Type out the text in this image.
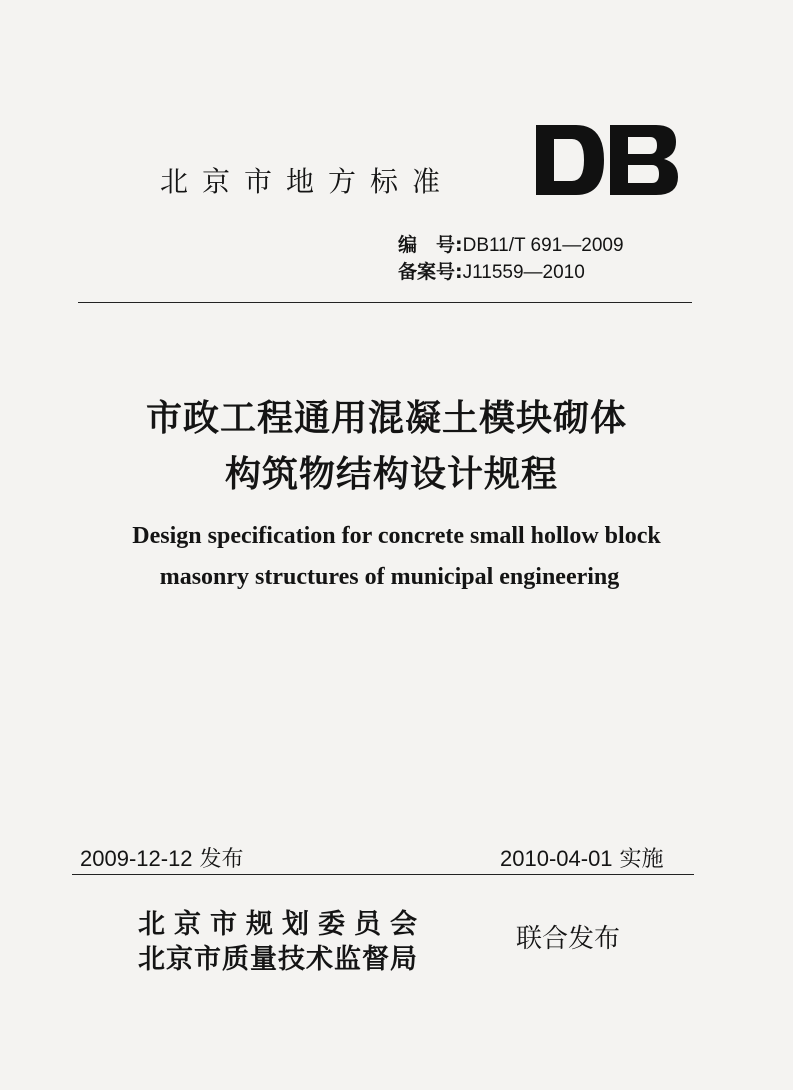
北京市地方标准
编　号:DB11/T 691—2009
备案号:J11559—2010
市政工程通用混凝土模块砌体
构筑物结构设计规程
Design specification for concrete small hollow block
masonry structures of municipal engineering
2009-12-12 发布	2010-04-01 实施
北京市规划委员会
北京市质量技术监督局
联合发布
